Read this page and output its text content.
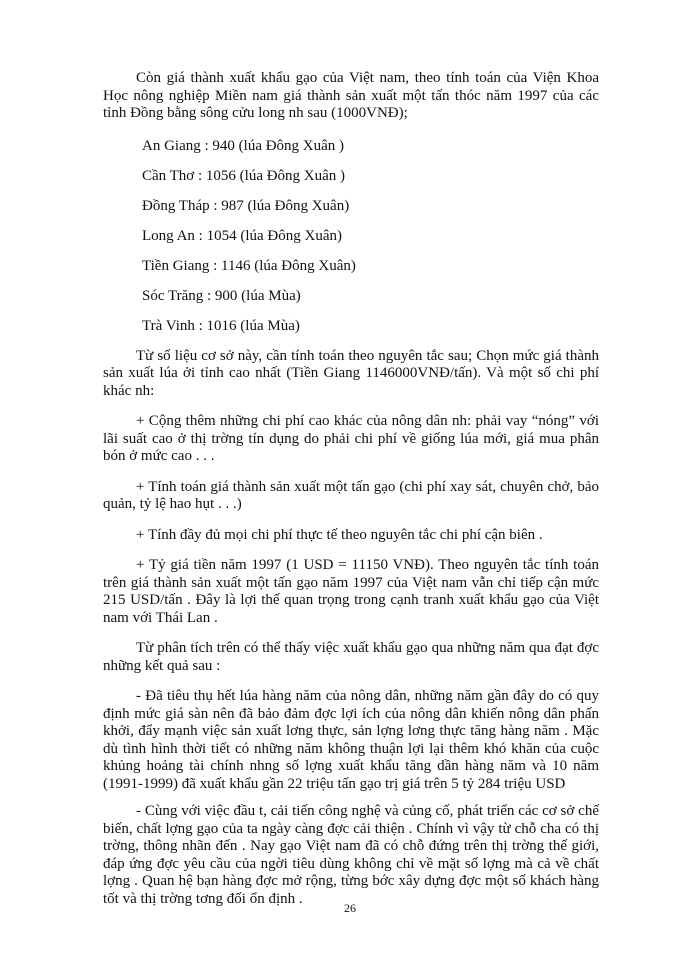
Còn giá thành xuất khẩu gạo của Việt nam, theo tính toán của Viện Khoa Học nông nghiệp Miền nam giá thành sản xuất một tấn thóc năm 1997 của các tỉnh Đồng bằng sông cửu long nh sau (1000VNĐ);

An Giang : 940 (lúa Đông Xuân )
Cần Thơ : 1056 (lúa Đông Xuân )
Đồng Tháp : 987 (lúa Đông Xuân)
Long An : 1054 (lúa Đông Xuân)
Tiền Giang : 1146 (lúa Đông Xuân)
Sóc Trăng : 900 (lúa Mùa)
Trà Vinh : 1016 (lúa Mùa)

Từ số liệu cơ sở này, cần tính toán theo nguyên tắc sau; Chọn mức giá thành sản xuất lúa ởi tỉnh cao nhất (Tiền Giang 1146000VNĐ/tấn). Và một số chi phí khác nh:

+ Cộng thêm những chi phí cao khác của nông dân nh: phải vay “nóng” với lãi suất cao ở thị trờng tín dụng do phải chi phí về giống lúa mới, giá mua phân bón ở mức cao . . .

+ Tính toán giá thành sản xuất một tấn gạo (chi phí xay sát, chuyên chở, bảo quản, tỷ lệ hao hụt . . .)

+ Tính đầy đủ mọi chi phí thực tế theo nguyên tắc chi phí cận biên .

+ Tỷ giá tiền năm 1997 (1 USD = 11150 VNĐ). Theo nguyên tắc tính toán trên giá thành sản xuất một tấn gạo năm 1997 của Việt nam vẫn chỉ tiếp cận mức 215 USD/tấn . Đây là lợi thế quan trọng trong cạnh tranh xuất khẩu gạo của Việt nam với Thái Lan .

Từ phân tích trên có thể thấy việc xuất khẩu gạo qua những năm qua đạt đợc những kết quả sau :

- Đã tiêu thụ hết lúa hàng năm của nông dân, những năm gần đây do có quy định mức giá sàn nên đã bảo đảm đợc lợi ích của nông dân khiến nông dân phấn khởi, đẩy mạnh việc sản xuất lơng thực, sản lợng lơng thực tăng hàng năm . Mặc dù tình hình thời tiết có những năm không thuận lợi lại thêm khó khăn của cuộc khủng hoảng tài chính nhng số lợng xuất khẩu tăng dần hàng năm và 10 năm (1991-1999) đã xuất khẩu gần 22 triệu tấn gạo trị giá trên 5 tỷ 284 triệu USD

- Cùng với việc đầu t, cải tiến công nghệ và củng cố, phát triển các cơ sở chế biến, chất lợng gạo của ta ngày càng đợc cải thiện . Chính vì vậy từ chỗ cha có thị trờng, thông nhãn đến . Nay gạo Việt nam đã có chỗ đứng trên thị trờng thế giới, đáp ứng đợc yêu cầu của ngời tiêu dùng không chỉ về mặt số lợng mà cả về chất lợng . Quan hệ bạn hàng đợc mở rộng, từng bớc xây dựng đợc một số khách hàng tốt và thị trờng tơng đối ổn định .

26
